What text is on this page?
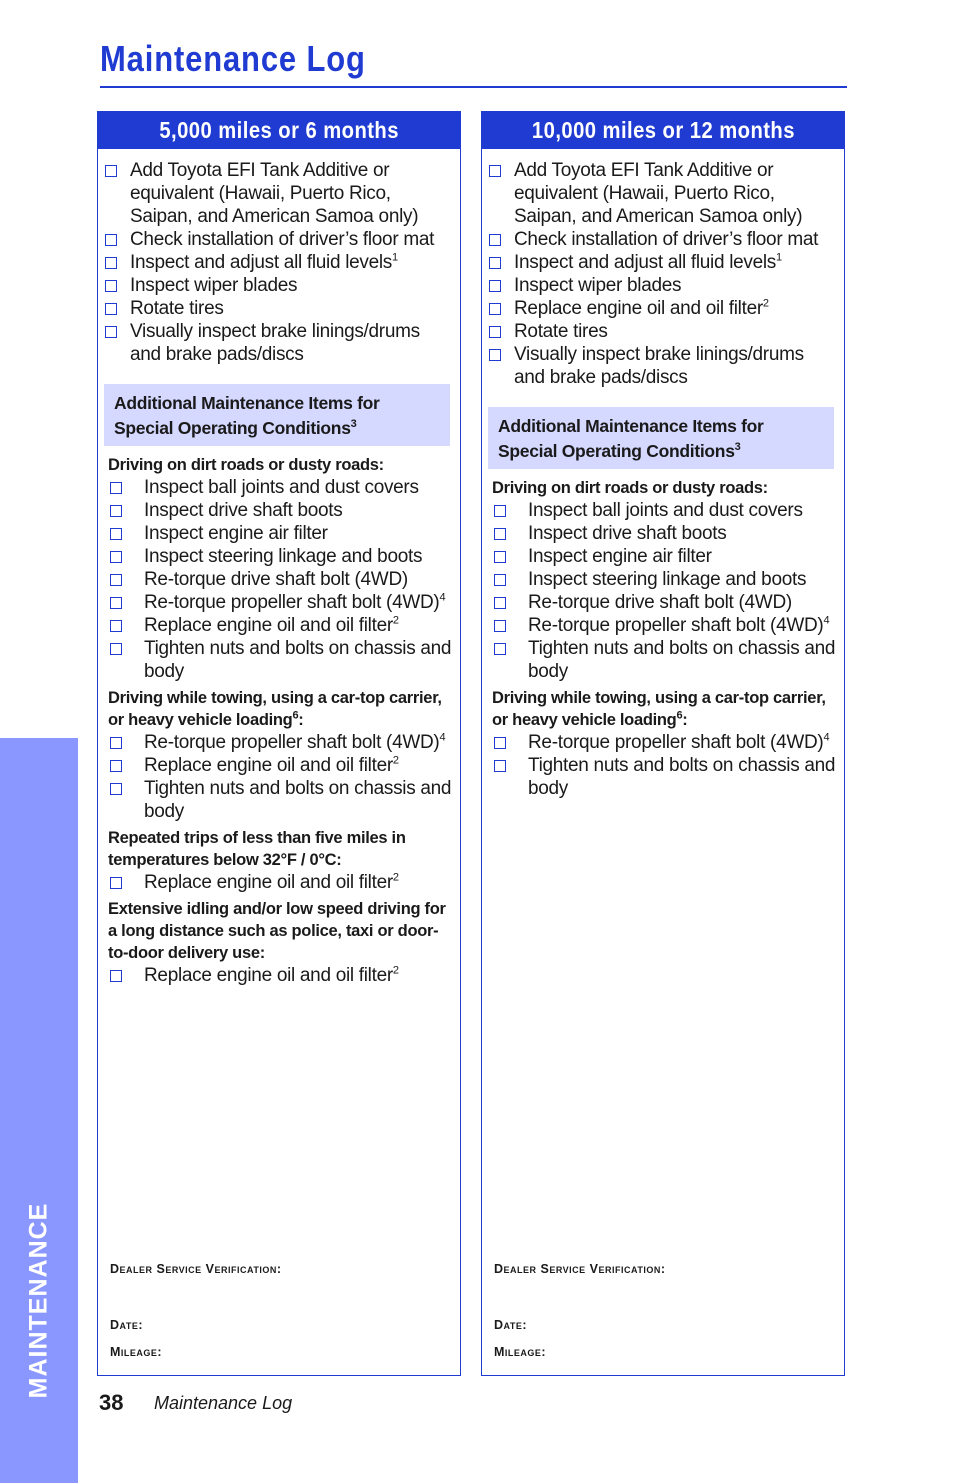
Maintenance Log
MAINTENANCE
5,000 miles or 6 months
Add Toyota EFI Tank Additive or equivalent (Hawaii, Puerto Rico, Saipan, and American Samoa only)
Check installation of driver’s floor mat
Inspect and adjust all fluid levels$^1$
Inspect wiper blades
Rotate tires
Visually inspect brake linings/drums and brake pads/discs
Additional Maintenance Items for Special Operating Conditions$^3$
Driving on dirt roads or dusty roads:
Inspect ball joints and dust covers
Inspect drive shaft boots
Inspect engine air filter
Inspect steering linkage and boots
Re-torque drive shaft bolt (4WD)
Re-torque propeller shaft bolt $(4WD)^4$
Replace engine oil and oil filter$^2$
Tighten nuts and bolts on chassis and body
Driving while towing, using a car-top carrier, or heavy vehicle loading$^6$:
Re-torque propeller shaft bolt $(4WD)^4$
Replace engine oil and oil filter$^2$
Tighten nuts and bolts on chassis and body
Repeated trips of less than five miles in temperatures below 32°F / 0°C:
Replace engine oil and oil filter$^2$
Extensive idling and/or low speed driving for a long distance such as police, taxi or door-to-door delivery use:
Replace engine oil and oil filter$^2$
Dealer Service Verification:
Date:
Mileage:
10,000 miles or 12 months
Add Toyota EFI Tank Additive or equivalent (Hawaii, Puerto Rico, Saipan, and American Samoa only)
Check installation of driver’s floor mat
Inspect and adjust all fluid levels$^1$
Inspect wiper blades
Replace engine oil and oil filter$^2$
Rotate tires
Visually inspect brake linings/drums and brake pads/discs
Additional Maintenance Items for Special Operating Conditions$^3$
Driving on dirt roads or dusty roads:
Inspect ball joints and dust covers
Inspect drive shaft boots
Inspect engine air filter
Inspect steering linkage and boots
Re-torque drive shaft bolt (4WD)
Re-torque propeller shaft bolt $(4WD)^4$
Tighten nuts and bolts on chassis and body
Driving while towing, using a car-top carrier, or heavy vehicle loading$^6$:
Re-torque propeller shaft bolt $(4WD)^4$
Tighten nuts and bolts on chassis and body
Dealer Service Verification:
Date:
Mileage:
38 Maintenance Log
